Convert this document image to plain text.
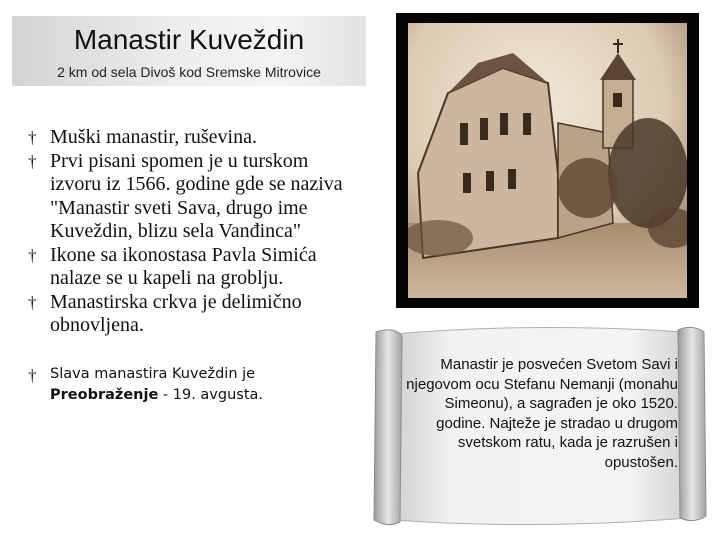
Manastir Kuveždin
2 km od sela Divoš kod Sremske Mitrovice
† Muški manastir, ruševina.
† Prvi pisani spomen je u turskom izvoru iz 1566. godine gde se naziva "Manastir sveti Sava, drugo ime Kuveždin, blizu sela Vanđinca"
† Ikone sa ikonostasa Pavla Simića nalaze se u kapeli na groblju.
† Manastirska crkva je delimično obnovljena.
† Slava manastira Kuveždin je
Preobraženje - 19. avgusta.
Manastir je posvećen Svetom Savi i njegovom ocu Stefanu Nemanji (monahu Simeonu), a sagrađen je oko 1520. godine. Najteže je stradao u drugom svetskom ratu, kada je razrušen i opustošen.
